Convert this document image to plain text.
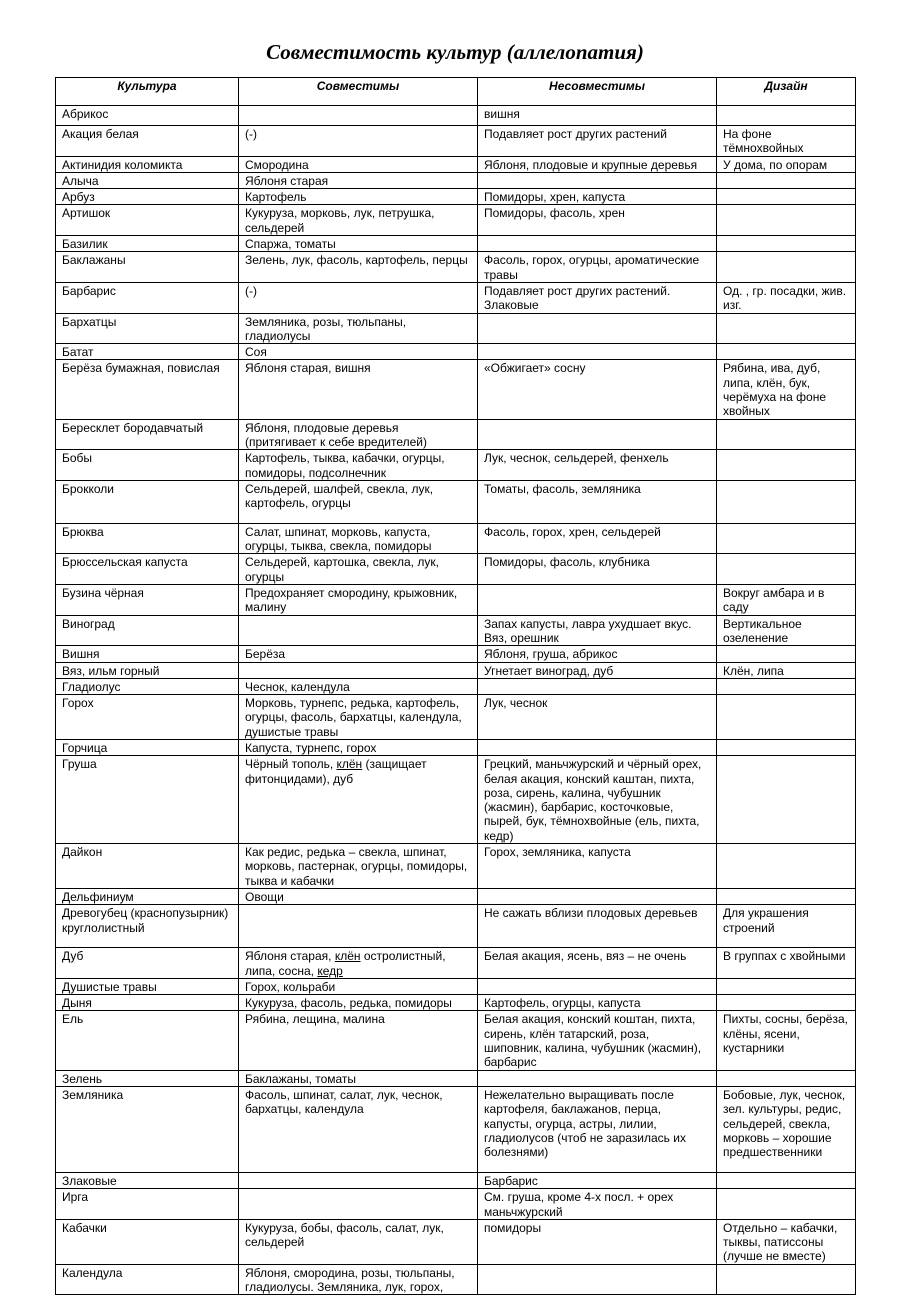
Совместимость культур (аллелопатия)
Культура	Совместимы	Несовместимы	Дизайн
Абрикос		вишня	
Акация белая	(-)	Подавляет рост других растений	На фоне тёмнохвойных
Актинидия коломикта	Смородина	Яблоня, плодовые и крупные деревья	У дома, по опорам
Алыча	Яблоня старая		
Арбуз	Картофель	Помидоры, хрен, капуста	
Артишок	Кукуруза, морковь, лук, петрушка, сельдерей	Помидоры, фасоль, хрен	
Базилик	Спаржа, томаты		
Баклажаны	Зелень, лук, фасоль, картофель, перцы	Фасоль, горох, огурцы, ароматические травы	
Барбарис	(-)	Подавляет рост других растений. Злаковые	Од. , гр. посадки, жив. изг.
Бархатцы	Земляника, розы, тюльпаны, гладиолусы		
Батат	Соя		
Берёза бумажная, повислая	Яблоня старая, вишня	«Обжигает» сосну	Рябина, ива, дуб, липа, клён, бук, черёмуха на фоне хвойных
Бересклет бородавчатый	Яблоня, плодовые деревья (притягивает к себе вредителей)		
Бобы	Картофель, тыква, кабачки, огурцы, помидоры, подсолнечник	Лук, чеснок, сельдерей, фенхель	
Брокколи	Сельдерей, шалфей, свекла, лук, картофель, огурцы	Томаты, фасоль, земляника	
Брюква	Салат, шпинат, морковь, капуста, огурцы, тыква, свекла, помидоры	Фасоль, горох, хрен, сельдерей	
Брюссельская капуста	Сельдерей, картошка, свекла, лук, огурцы	Помидоры, фасоль, клубника	
Бузина чёрная	Предохраняет смородину, крыжовник, малину		Вокруг амбара и в саду
Виноград		Запах капусты, лавра ухудшает вкус. Вяз, орешник	Вертикальное озеленение
Вишня	Берёза	Яблоня, груша, абрикос	
Вяз, ильм горный		Угнетает виноград, дуб	Клён, липа
Гладиолус	Чеснок, календула		
Горох	Морковь, турнепс, редька, картофель, огурцы, фасоль, бархатцы, календула, душистые травы	Лук, чеснок	
Горчица	Капуста, турнепс, горох		
Груша	Чёрный тополь, клён (защищает фитонцидами), дуб	Грецкий, маньчжурский и чёрный орех, белая акация, конский каштан, пихта, роза, сирень, калина, чубушник (жасмин), барбарис, косточковые, пырей, бук, тёмнохвойные (ель, пихта, кедр)	
Дайкон	Как редис, редька – свекла, шпинат, морковь, пастернак, огурцы, помидоры, тыква и кабачки	Горох, земляника, капуста	
Дельфиниум	Овощи		
Древогубец (краснопузырник) круглолистный		Не сажать вблизи плодовых деревьев	Для украшения строений
Дуб	Яблоня старая, клён остролистный, липа, сосна, кедр	Белая акация, ясень, вяз – не очень	В группах с хвойными
Душистые травы	Горох, кольраби		
Дыня	Кукуруза, фасоль, редька, помидоры	Картофель, огурцы, капуста	
Ель	Рябина, лещина, малина	Белая акация, конский коштан, пихта, сирень, клён татарский, роза, шиповник, калина, чубушник (жасмин), барбарис	Пихты, сосны, берёза, клёны, ясени, кустарники
Зелень	Баклажаны, томаты		
Земляника	Фасоль, шпинат, салат, лук, чеснок, бархатцы, календула	Нежелательно выращивать после картофеля, баклажанов, перца, капусты, огурца, астры, лилии, гладиолусов (чтоб не заразилась их болезнями)	Бобовые, лук, чеснок, зел. культуры, редис, сельдерей, свекла, морковь – хорошие предшественники
Злаковые		Барбарис	
Ирга		См. груша, кроме 4-х посл. + орех маньчжурский	
Кабачки	Кукуруза, бобы, фасоль, салат, лук, сельдерей	помидоры	Отдельно – кабачки, тыквы, патиссоны (лучше не вместе)
Календула	Яблоня, смородина, розы, тюльпаны, гладиолусы. Земляника, лук, горох,		
